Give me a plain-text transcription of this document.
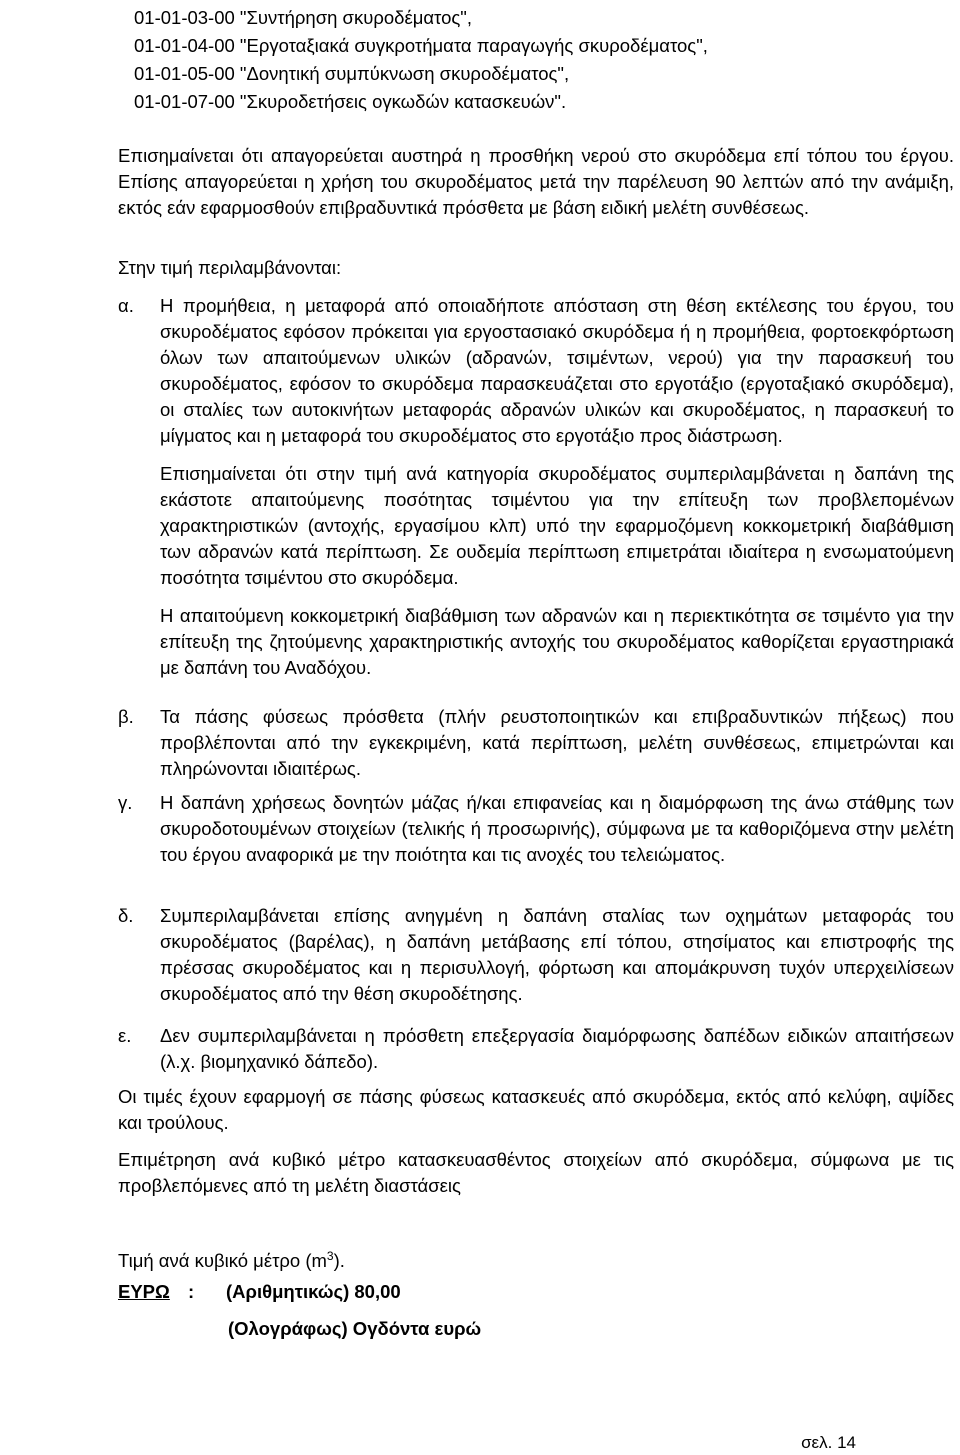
01-01-03-00 "Συντήρηση σκυροδέματος",
01-01-04-00 "Εργοταξιακά συγκροτήματα παραγωγής σκυροδέματος",
01-01-05-00 "Δονητική συμπύκνωση σκυροδέματος",
01-01-07-00 "Σκυροδετήσεις ογκωδών κατασκευών".
Επισημαίνεται ότι απαγορεύεται αυστηρά η προσθήκη νερού στο σκυρόδεμα επί τόπου του έργου. Επίσης απαγορεύεται η χρήση του σκυροδέματος μετά την παρέλευση 90 λεπτών από την ανάμιξη, εκτός εάν εφαρμοσθούν επιβραδυντικά πρόσθετα με βάση ειδική μελέτη συνθέσεως.
Στην τιμή περιλαμβάνονται:
α. Η προμήθεια, η μεταφορά από οποιαδήποτε απόσταση στη θέση εκτέλεσης του έργου, του σκυροδέματος εφόσον πρόκειται για εργοστασιακό σκυρόδεμα ή η προμήθεια, φορτοεκφόρτωση όλων των απαιτούμενων υλικών (αδρανών, τσιμέντων, νερού) για την παρασκευή του σκυροδέματος, εφόσον το σκυρόδεμα παρασκευάζεται στο εργοτάξιο (εργοταξιακό σκυρόδεμα), οι σταλίες των αυτοκινήτων μεταφοράς αδρανών υλικών και σκυροδέματος, η παρασκευή το μίγματος και η μεταφορά του σκυροδέματος στο εργοτάξιο προς διάστρωση.

Επισημαίνεται ότι στην τιμή ανά κατηγορία σκυροδέματος συμπεριλαμβάνεται η δαπάνη της εκάστοτε απαιτούμενης ποσότητας τσιμέντου για την επίτευξη των προβλεπομένων χαρακτηριστικών (αντοχής, εργασίμου κλπ) υπό την εφαρμοζόμενη κοκκομετρική διαβάθμιση των αδρανών κατά περίπτωση. Σε ουδεμία περίπτωση επιμετράται ιδιαίτερα η ενσωματούμενη ποσότητα τσιμέντου στο σκυρόδεμα.

Η απαιτούμενη κοκκομετρική διαβάθμιση των αδρανών και η περιεκτικότητα σε τσιμέντο για την επίτευξη της ζητούμενης χαρακτηριστικής αντοχής του σκυροδέματος καθορίζεται εργαστηριακά με δαπάνη του Αναδόχου.

β. Τα πάσης φύσεως πρόσθετα (πλήν ρευστοποιητικών και επιβραδυντικών πήξεως) που προβλέπονται από την εγκεκριμένη, κατά περίπτωση, μελέτη συνθέσεως, επιμετρώνται και πληρώνονται ιδιαιτέρως.

γ. Η δαπάνη χρήσεως δονητών μάζας ή/και επιφανείας και η διαμόρφωση της άνω στάθμης των σκυροδοτουμένων στοιχείων (τελικής ή προσωρινής), σύμφωνα με τα καθοριζόμενα στην μελέτη του έργου αναφορικά με την ποιότητα και τις ανοχές του τελειώματος.

δ. Συμπεριλαμβάνεται επίσης ανηγμένη η δαπάνη σταλίας των οχημάτων μεταφοράς του σκυροδέματος (βαρέλας), η δαπάνη μετάβασης επί τόπου, στησίματος και επιστροφής της πρέσσας σκυροδέματος και η περισυλλογή, φόρτωση και απομάκρυνση τυχόν υπερχειλίσεων σκυροδέματος από την θέση σκυροδέτησης.

ε. Δεν συμπεριλαμβάνεται η πρόσθετη επεξεργασία διαμόρφωσης δαπέδων ειδικών απαιτήσεων (λ.χ. βιομηχανικό δάπεδο).

Οι τιμές έχουν εφαρμογή σε πάσης φύσεως κατασκευές από σκυρόδεμα, εκτός από κελύφη, αψίδες και τρούλους.
Επιμέτρηση ανά κυβικό μέτρο κατασκευασθέντος στοιχείων από σκυρόδεμα, σύμφωνα με τις προβλεπόμενες από τη μελέτη διαστάσεις
Τιμή ανά κυβικό μέτρο $(m^3)$.
ΕΥΡΩ : (Αριθμητικώς) 80,00
(Ολογράφως) Ογδόντα ευρώ
σελ. 14
